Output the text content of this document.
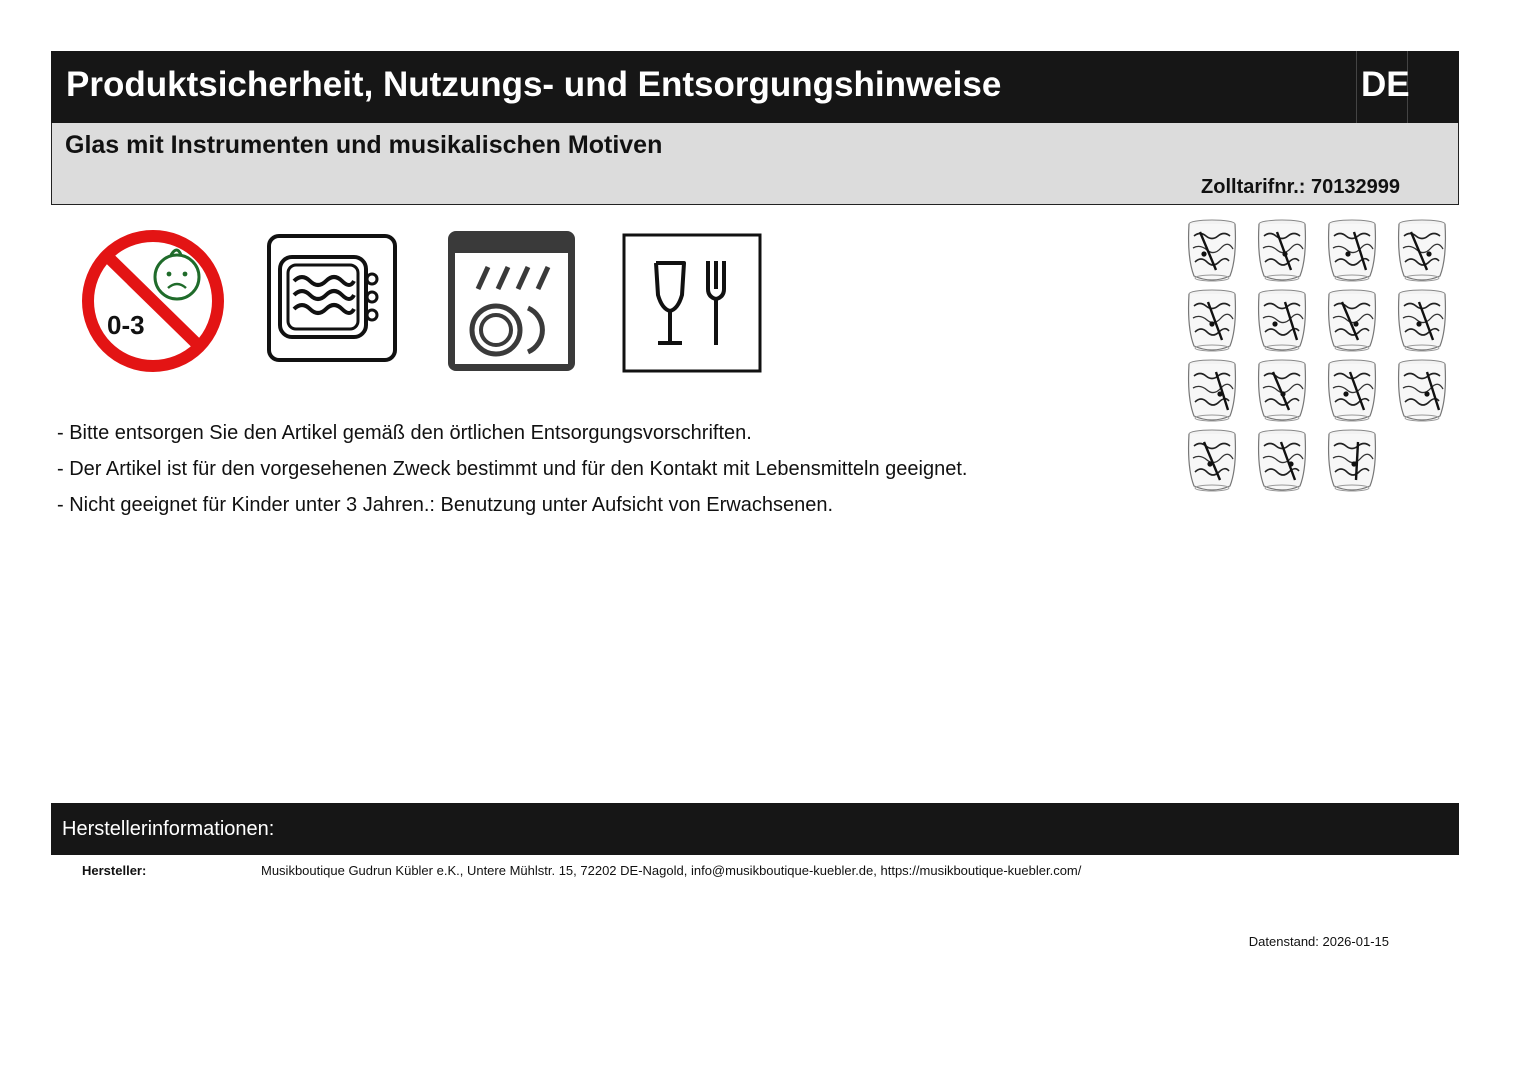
Produktsicherheit, Nutzungs- und Entsorgungshinweise	DE
Glas mit Instrumenten und musikalischen Motiven
Zolltarifnr.: 70132999
0-3
- Bitte entsorgen Sie den Artikel gemäß den örtlichen Entsorgungsvorschriften.
- Der Artikel ist für den vorgesehenen Zweck bestimmt und für den Kontakt mit Lebensmitteln geeignet.
- Nicht geeignet für Kinder unter 3 Jahren.: Benutzung unter Aufsicht von Erwachsenen.
Herstellerinformationen:
Hersteller:	Musikboutique Gudrun Kübler e.K., Untere Mühlstr. 15, 72202 DE-Nagold, info@musikboutique-kuebler.de, https://musikboutique-kuebler.com/
Datenstand: 2026-01-15
